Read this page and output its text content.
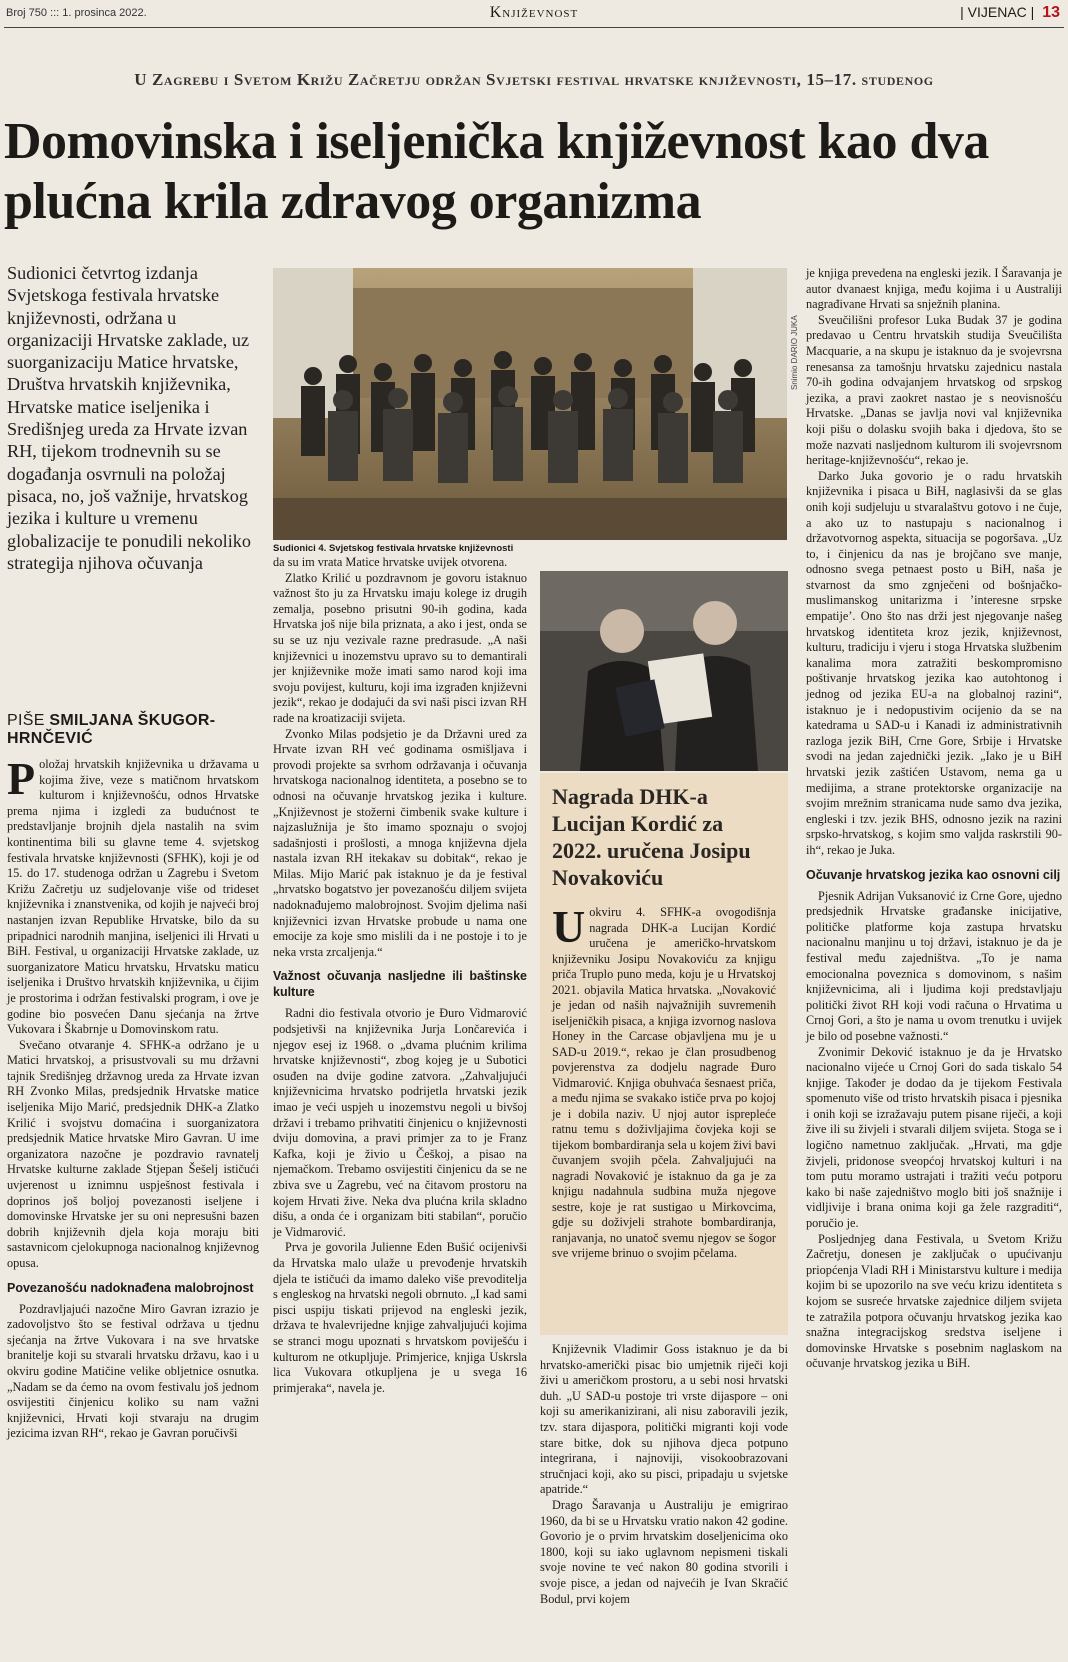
Broj 750 ::: 1. prosinca 2022.	Književnost	| VIJENAC | 13
U Zagrebu i Svetom Križu Začretju održan Svjetski festival hrvatske književnosti, 15–17. studenog
Domovinska i iseljenička književnost kao dva plućna krila zdravog organizma
Sudionici četvrtog izdanja Svjetskoga festivala hrvatske književnosti, održana u organizaciji Hrvatske zaklade, uz suorganizaciju Matice hrvatske, Društva hrvatskih književnika, Hrvatske matice iseljenika i Središnjeg ureda za Hrvate izvan RH, tijekom trodnevnih su se događanja osvrnuli na položaj pisaca, no, još važnije, hrvatskog jezika i kulture u vremenu globalizacije te ponudili nekoliko strategija njihova očuvanja
PIŠE SMILJANA ŠKUGOR-HRNČEVIĆ

Položaj hrvatskih književnika u državama u kojima žive, veze s matičnom hrvatskom kulturom i književnošću, odnos Hrvatske prema njima i izgledi za budućnost te predstavljanje brojnih djela nastalih na svim kontinentima bili su glavne teme 4. svjetskog festivala hrvatske književnosti (SFHK), koji je od 15. do 17. studenoga održan u Zagrebu i Svetom Križu Začretju uz sudjelovanje više od trideset književnika i znanstvenika, od kojih je najveći broj nastanjen izvan Republike Hrvatske, bilo da su pripadnici narodnih manjina, iseljenici ili Hrvati u BiH. Festival, u organizaciji Hrvatske zaklade, uz suorganizatore Maticu hrvatsku, Hrvatsku maticu iseljenika i Društvo hrvatskih književnika, u čijim je prostorima i održan festivalski program, i ove je godine bio posvećen Danu sjećanja na žrtve Vukovara i Škabrnje u Domovinskom ratu.

Svečano otvaranje 4. SFHK-a održano je u Matici hrvatskoj, a prisustvovali su mu državni tajnik Središnjeg državnog ureda za Hrvate izvan RH Zvonko Milas, predsjednik Hrvatske matice iseljenika Mijo Marić, predsjednik DHK-a Zlatko Krilić i svojstvu domaćina i suorganizatora predsjednik Matice hrvatske Miro Gavran. U ime organizatora nazočne je pozdravio ravnatelj Hrvatske kulturne zaklade Stjepan Šešelj ističući uvjerenost u iznimnu uspješnost festivala i doprinos još boljoj povezanosti iseljene i domovinske Hrvatske jer su oni nepresušni bazen dobrih književnih djela koja moraju biti sastavnicom cjelokupnoga nacionalnog književnog opusa.

Povezanošću nadoknađena malobrojnost

Pozdravljajući nazočne Miro Gavran izrazio je zadovoljstvo što se festival održava u tjednu sjećanja na žrtve Vukovara i na sve hrvatske branitelje koji su stvarali hrvatsku državu, kao i u okviru godine Matičine velike obljetnice osnutka. „Nadam se da ćemo na ovom festivalu još jednom osvijestiti činjenicu koliko su nam važni književnici, Hrvati koji stvaraju na drugim jezicima izvan RH“, rekao je Gavran poručivši

Sudionici 4. Svjetskog festivala hrvatske književnosti
Snimio DARIO JUKA

da su im vrata Matice hrvatske uvijek otvorena.

Zlatko Krilić u pozdravnom je govoru istaknuo važnost što ju za Hrvatsku imaju kolege iz drugih zemalja, posebno prisutni 90-ih godina, kada Hrvatska još nije bila priznata, a ako i jest, onda se su se uz nju vezivale razne predrasude. „A naši književnici u inozemstvu upravo su to demantirali jer književnike može imati samo narod koji ima svoju povijest, kulturu, koji ima izgrađen književni jezik“, rekao je dodajući da svi naši pisci izvan RH rade na kroatizaciji svijeta.

Zvonko Milas podsjetio je da Državni ured za Hrvate izvan RH već godinama osmišljava i provodi projekte sa svrhom održavanja i očuvanja hrvatskoga nacionalnog identiteta, a posebno se to odnosi na očuvanje hrvatskog jezika i kulture. „Književnost je stožerni čimbenik svake kulture i najzaslužnija je što imamo spoznaju o svojoj sadašnjosti i prošlosti, a mnoga književna djela nastala izvan RH itekakav su dobitak“, rekao je Milas. Mijo Marić pak istaknuo je da je festival „hrvatsko bogatstvo jer povezanošću diljem svijeta nadoknađujemo malobrojnost. Svojim djelima naši književnici izvan Hrvatske probude u nama one emocije za koje smo mislili da i ne postoje i to je neka vrsta zrcaljenja.“

Važnost očuvanja nasljedne ili baštinske kulture

Radni dio festivala otvorio je Đuro Vidmarović podsjetivši na književnika Jurja Lončarevića i njegov esej iz 1968. o „dvama plućnim krilima hrvatske književnosti“, zbog kojeg je u Subotici osuđen na dvije godine zatvora. „Zahvaljujući književnicima hrvatsko podrijetla hrvatski jezik imao je veći uspjeh u inozemstvu negoli u bivšoj državi i trebamo prihvatiti činjenicu o književnosti dviju domovina, a pravi primjer za to je Franz Kafka, koji je živio u Češkoj, a pisao na njemačkom. Trebamo osvijestiti činjenicu da se ne zbiva sve u Zagrebu, već na čitavom prostoru na kojem Hrvati žive. Neka dva plućna krila skladno dišu, a onda će i organizam biti stabilan“, poručio je Vidmarović.

Prva je govorila Julienne Eden Bušić ocijenivši da Hrvatska malo ulaže u prevođenje hrvatskih djela te ističući da imamo daleko više prevoditelja s engleskog na hrvatski negoli obrnuto. „I kad sami pisci uspiju tiskati prijevod na engleski jezik, država te hvalevrijedne knjige zahvaljujući kojima se stranci mogu upoznati s hrvatskom poviješću i kulturom ne otkupljuje. Primjerice, knjiga Uskrsla lica Vukovara otkupljena je u svega 16 primjeraka“, navela je.

Nagrada DHK-a Lucijan Kordić za 2022. uručena Josipu Novakoviću

U okviru 4. SFHK-a ovogodišnja nagrada DHK-a Lucijan Kordić uručena je američko-hrvatskom književniku Josipu Novakoviću za knjigu priča Truplo puno meda, koju je u Hrvatskoj 2021. objavila Matica hrvatska. „Novaković je jedan od naših najvažnijih suvremenih iseljeničkih pisaca, a knjiga izvornog naslova Honey in the Carcase objavljena mu je u SAD-u 2019.“, rekao je član prosudbenog povjerenstva za dodjelu nagrade Đuro Vidmarović. Knjiga obuhvaća šesnaest priča, a među njima se svakako ističe prva po kojoj je i dobila naziv. U njoj autor isprepleće ratnu temu s doživljajima čovjeka koji se tijekom bombardiranja sela u kojem živi bavi čuvanjem svojih pčela. Zahvaljujući na nagradi Novaković je istaknuo da ga je za knjigu nadahnula sudbina muža njegove sestre, koje je rat sustigao u Mirkovcima, gdje su doživjeli strahote bombardiranja, ranjavanja, no unatoč svemu njegov se šogor sve vrijeme brinuo o svojim pčelama.

Književnik Vladimir Goss istaknuo je da bi hrvatsko-američki pisac bio umjetnik riječi koji živi u američkom prostoru, a u sebi nosi hrvatski duh. „U SAD-u postoje tri vrste dijaspore – oni koji su amerikanizirani, ali nisu zaboravili jezik, tzv. stara dijaspora, politički migranti koji vode stare bitke, dok su njihova djeca potpuno integrirana, i najnoviji, visokoobrazovani stručnjaci koji, ako su pisci, pripadaju u svjetske apatride.“

Drago Šaravanja u Australiju je emigrirao 1960, da bi se u Hrvatsku vratio nakon 42 godine. Govorio je o prvim hrvatskim doseljenicima oko 1800, koji su iako uglavnom nepismeni tiskali svoje novine te već nakon 80 godina stvorili i svoje pisce, a jedan od najvećih je Ivan Skračić Bodul, prvi kojem

je knjiga prevedena na engleski jezik. I Šaravanja je autor dvanaest knjiga, među kojima i u Australiji nagrađivane Hrvati sa snježnih planina.

Sveučilišni profesor Luka Budak 37 je godina predavao u Centru hrvatskih studija Sveučilišta Macquarie, a na skupu je istaknuo da je svojevrsna renesansa za tamošnju hrvatsku zajednicu nastala 70-ih godina odvajanjem hrvatskog od srpskog jezika, a pravi zaokret nastao je s neovisnošću Hrvatske. „Danas se javlja novi val književnika koji pišu o dolasku svojih baka i djedova, što se može nazvati nasljednom kulturom ili svojevrsnom heritage-književnošću“, rekao je.

Darko Juka govorio je o radu hrvatskih književnika i pisaca u BiH, naglasivši da se glas onih koji sudjeluju u stvaralaštvu gotovo i ne čuje, a ako uz to nastupaju s nacionalnog i državotvornog aspekta, situacija se pogoršava. „Uz to, i činjenicu da nas je brojčano sve manje, odnosno svega petnaest posto u BiH, naša je stvarnost da smo zgnječeni od bošnjačko-muslimanskog unitarizma i ’interesne srpske empatije’. Ono što nas drži jest njegovanje našeg hrvatskog identiteta kroz jezik, književnost, kulturu, tradiciju i vjeru i stoga Hrvatska službenim kanalima mora zatražiti beskompromisno poštivanje hrvatskog jezika kao autohtonog i jednog od jezika EU-a na globalnoj razini“, istaknuo je i nedopustivim ocijenio da se na katedrama u SAD-u i Kanadi iz administrativnih razloga jezik BiH, Crne Gore, Srbije i Hrvatske svodi na jedan zajednički jezik. „Iako je u BiH hrvatski jezik zaštićen Ustavom, nema ga u medijima, a strane protektorske organizacije na svojim mrežnim stranicama nude samo dva jezika, engleski i tzv. jezik BHS, odnosno jezik na razini srpsko-hrvatskog, s kojim smo valjda raskrstili 90-ih“, rekao je Juka.

Očuvanje hrvatskog jezika kao osnovni cilj

Pjesnik Adrijan Vuksanović iz Crne Gore, ujedno predsjednik Hrvatske građanske inicijative, političke platforme koja zastupa hrvatsku nacionalnu manjinu u toj državi, istaknuo je da je festival među zajedništva. „To je nama emocionalna poveznica s domovinom, s našim književnicima, ali i ljudima koji predstavljaju politički život RH koji vodi računa o Hrvatima u Crnoj Gori, a što je nama u ovom trenutku i uvijek je bilo od posebne važnosti.“

Zvonimir Deković istaknuo je da je Hrvatsko nacionalno vijeće u Crnoj Gori do sada tiskalo 54 knjige. Također je dodao da je tijekom Festivala spomenuto više od tristo hrvatskih pisaca i pjesnika i onih koji se izražavaju putem pisane riječi, a koji žive ili su živjeli i stvarali diljem svijeta. Stoga se i logično nametnuo zaključak. „Hrvati, ma gdje živjeli, pridonose sveopćoj hrvatskoj kulturi i na tom putu moramo ustrajati i tražiti veću potporu kako bi naše zajedništvo moglo biti još snažnije i vidljivije i brana onima koji ga žele razgraditi“, poručio je.

Posljednjeg dana Festivala, u Svetom Križu Začretju, donesen je zaključak o upućivanju priopćenja Vladi RH i Ministarstvu kulture i medija kojim bi se upozorilo na sve veću krizu identiteta s kojom se susreće hrvatske zajednice diljem svijeta te zatražila potpora očuvanju hrvatskog jezika kao snažna integracijskog sredstva iseljene i domovinske Hrvatske s posebnim naglaskom na očuvanje hrvatskog jezika u BiH.
